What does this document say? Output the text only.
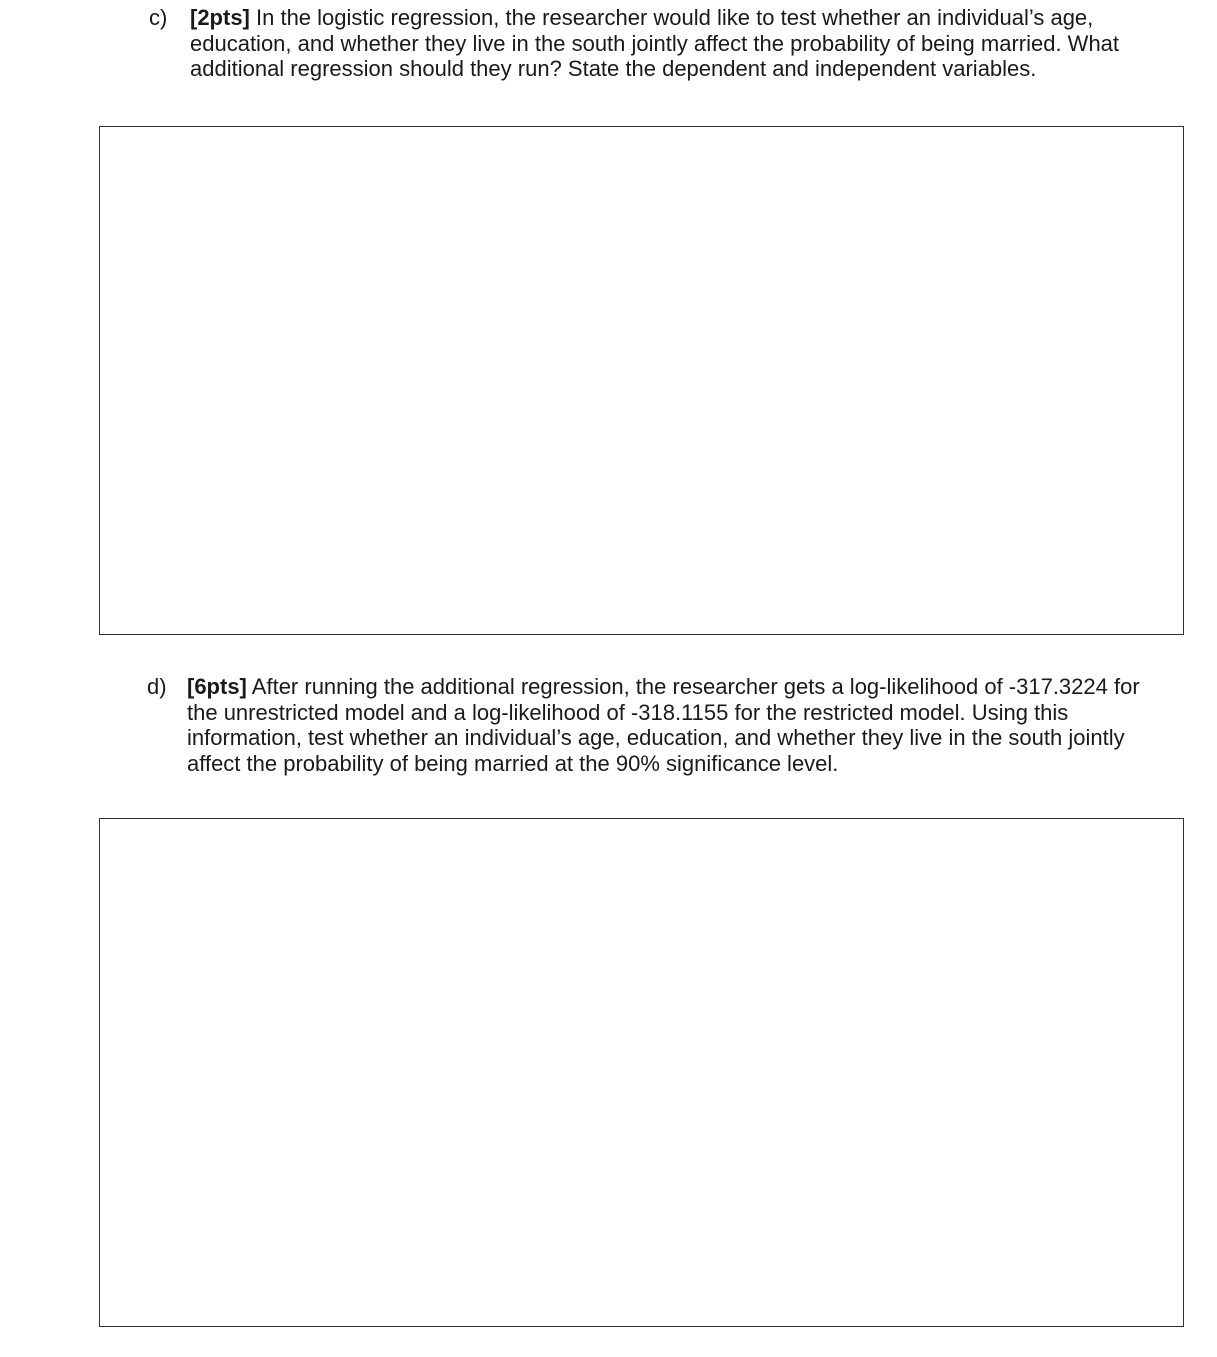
c) [2pts] In the logistic regression, the researcher would like to test whether an individual’s age, education, and whether they live in the south jointly affect the probability of being married. What additional regression should they run? State the dependent and independent variables.
d) [6pts] After running the additional regression, the researcher gets a log-likelihood of -317.3224 for the unrestricted model and a log-likelihood of -318.1155 for the restricted model. Using this information, test whether an individual’s age, education, and whether they live in the south jointly affect the probability of being married at the 90% significance level.
